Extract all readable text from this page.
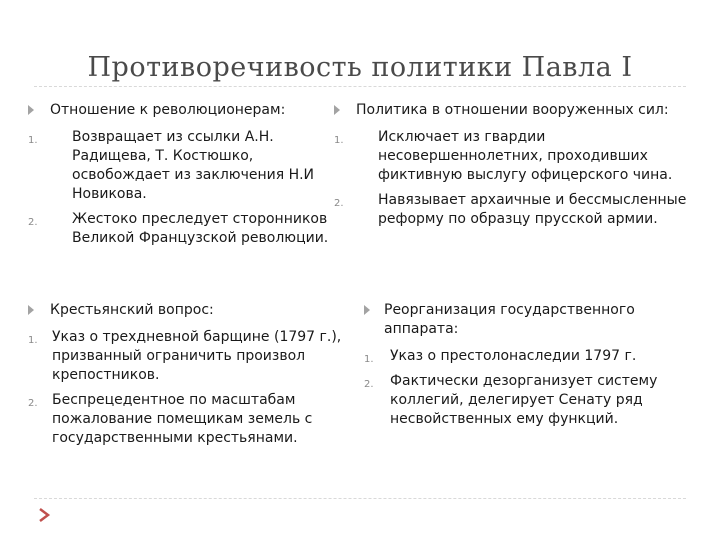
Противоречивость политики Павла I
Отношение к революционерам:
1. Возвращает из ссылки А.Н. Радищева, Т. Костюшко, освобождает из заключения Н.И Новикова.
2. Жестоко преследует сторонников Великой Французской революции.
Политика в отношении вооруженных сил:
1. Исключает из гвардии несовершеннолетних, проходивших фиктивную выслугу офицерского чина.
2. Навязывает архаичные и бессмысленные реформу по образцу прусской армии.
Крестьянский вопрос:
1. Указ о трехдневной барщине (1797 г.), призванный ограничить произвол крепостников.
2. Беспрецедентное по масштабам пожалование помещикам земель с государственными крестьянами.
Реорганизация государственного аппарата:
1. Указ о престолонаследии 1797 г.
2. Фактически дезорганизует систему коллегий, делегирует Сенату ряд несвойственных ему функций.
